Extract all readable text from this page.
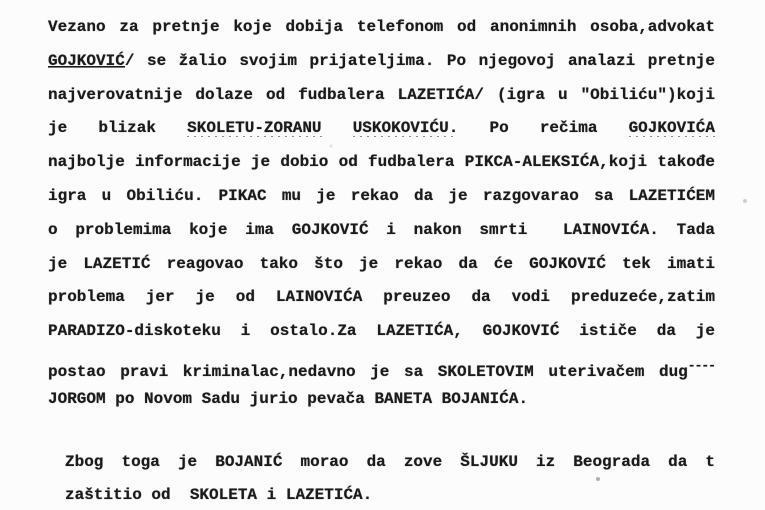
Vezano za pretnje koje dobija telefonom od anonimnih osoba,advokat
GOJKOVIĆ/ se žalio svojim prijateljima. Po njegovoj analazi pretnje
najverovatnije dolaze od fudbalera LAZETIĆA/ (igra u "Obiliću")koji
je blizak SKOLETU-ZORANU USKOKOVIĆU. Po rečima GOJKOVIĆA
najbolje informacije je dobio od fudbalera PIKCA-ALEKSIĆA,koji takođe
igra u Obiliću. PIKAC mu je rekao da je razgovarao sa LAZETIĆEM
o problemima koje ima GOJKOVIĆ i nakon smrti  LAINOVIĆA. Tada
je LAZETIĆ reagovao tako što je rekao da će GOJKOVIĆ tek imati
problema jer je od LAINOVIĆA preuzeo da vodi preduzeće,zatim
PARADIZO-diskoteku i ostalo.Za LAZETIĆA, GOJKOVIĆ ističe da je
postao pravi kriminalac,nedavno je sa SKOLETOVIM uterivačem dug----
JORGOM po Novom Sadu jurio pevača BANETA BOJANIĆA.
Zbog toga je BOJANIĆ morao da zove ŠLJUKU iz Beograda da t
zaštitio od  SKOLETA i LAZETIĆA.
